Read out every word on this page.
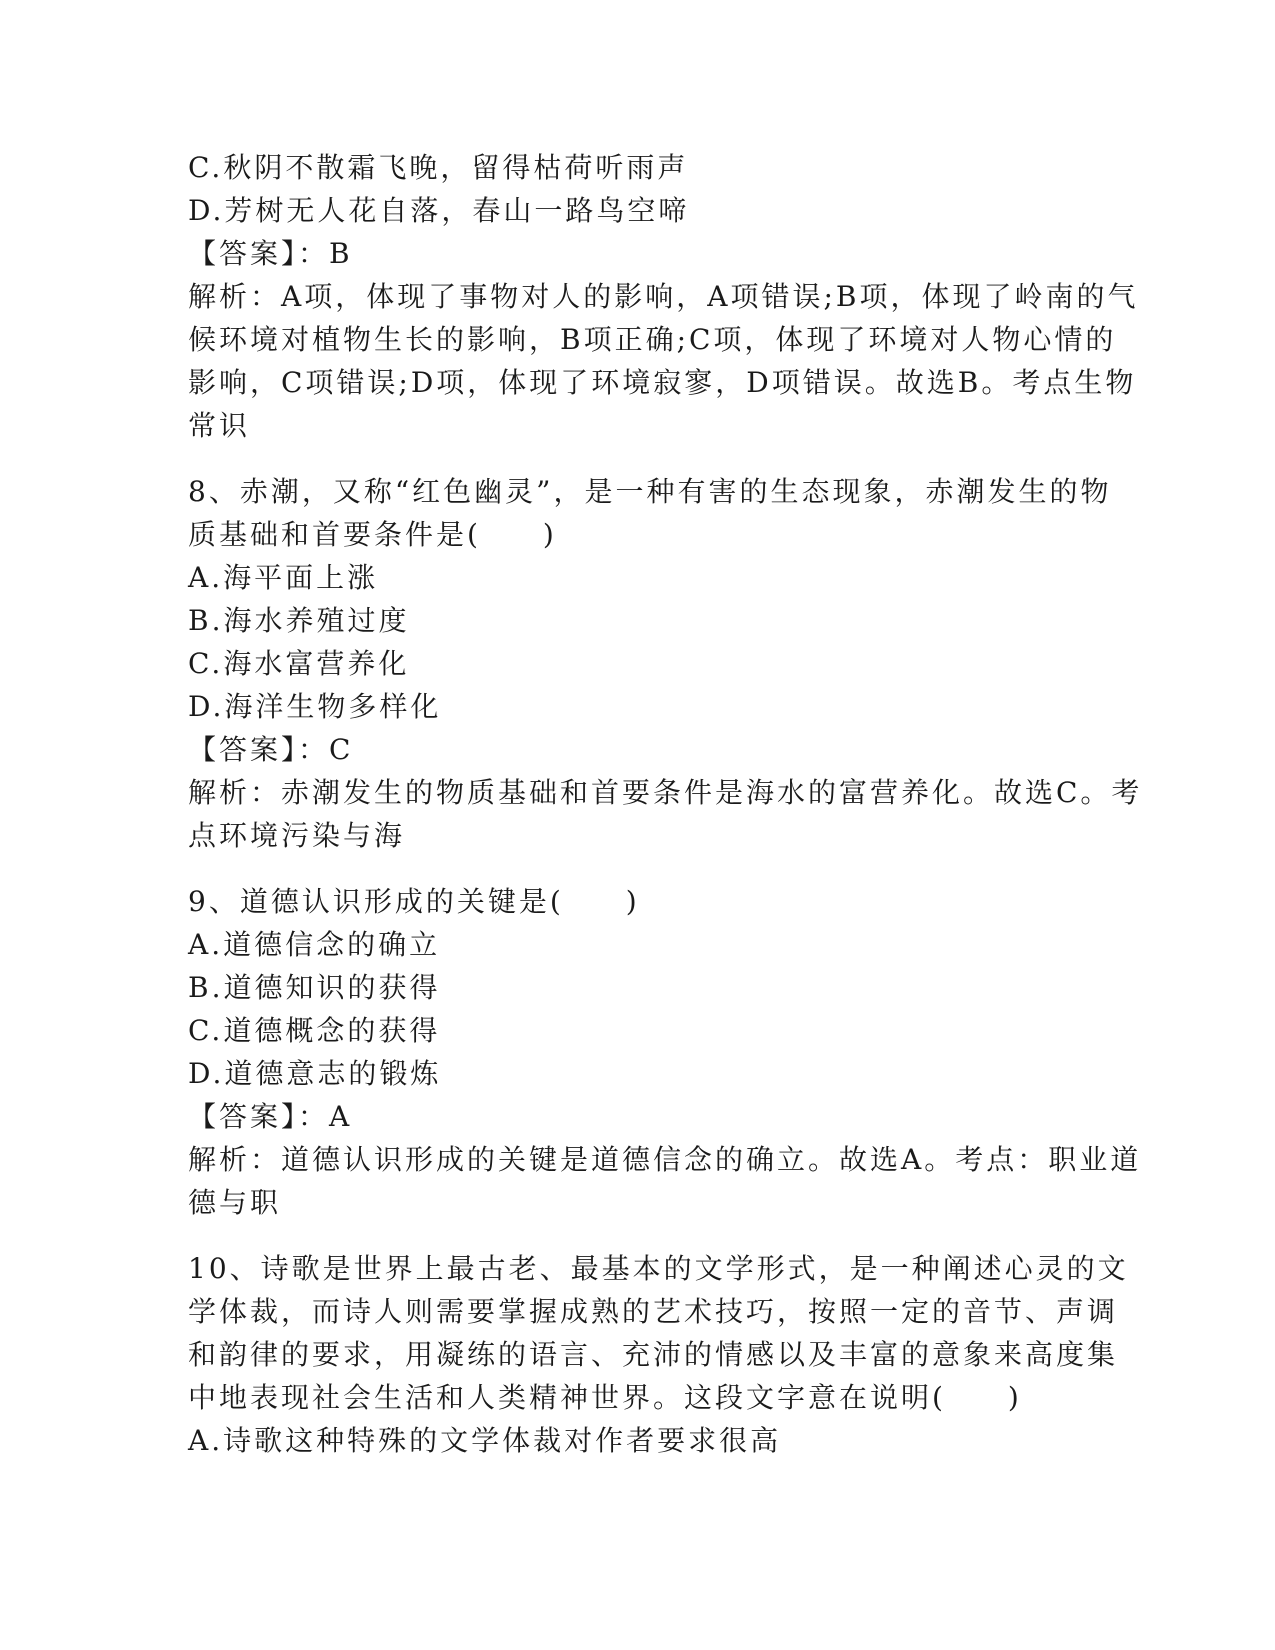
C.秋阴不散霜飞晚，留得枯荷听雨声
D.芳树无人花自落，春山一路鸟空啼
【答案】：B
解析：A项，体现了事物对人的影响，A项错误;B项，体现了岭南的气
候环境对植物生长的影响，B项正确;C项，体现了环境对人物心情的
影响，C项错误;D项，体现了环境寂寥，D项错误。故选B。考点生物
常识
8、赤潮，又称“红色幽灵”，是一种有害的生态现象，赤潮发生的物
质基础和首要条件是(　　)
A.海平面上涨
B.海水养殖过度
C.海水富营养化
D.海洋生物多样化
【答案】：C
解析：赤潮发生的物质基础和首要条件是海水的富营养化。故选C。考
点环境污染与海
9、道德认识形成的关键是(　　)
A.道德信念的确立
B.道德知识的获得
C.道德概念的获得
D.道德意志的锻炼
【答案】：A
解析：道德认识形成的关键是道德信念的确立。故选A。考点：职业道
德与职
10、诗歌是世界上最古老、最基本的文学形式，是一种阐述心灵的文
学体裁，而诗人则需要掌握成熟的艺术技巧，按照一定的音节、声调
和韵律的要求，用凝练的语言、充沛的情感以及丰富的意象来高度集
中地表现社会生活和人类精神世界。这段文字意在说明(　　)
A.诗歌这种特殊的文学体裁对作者要求很高
